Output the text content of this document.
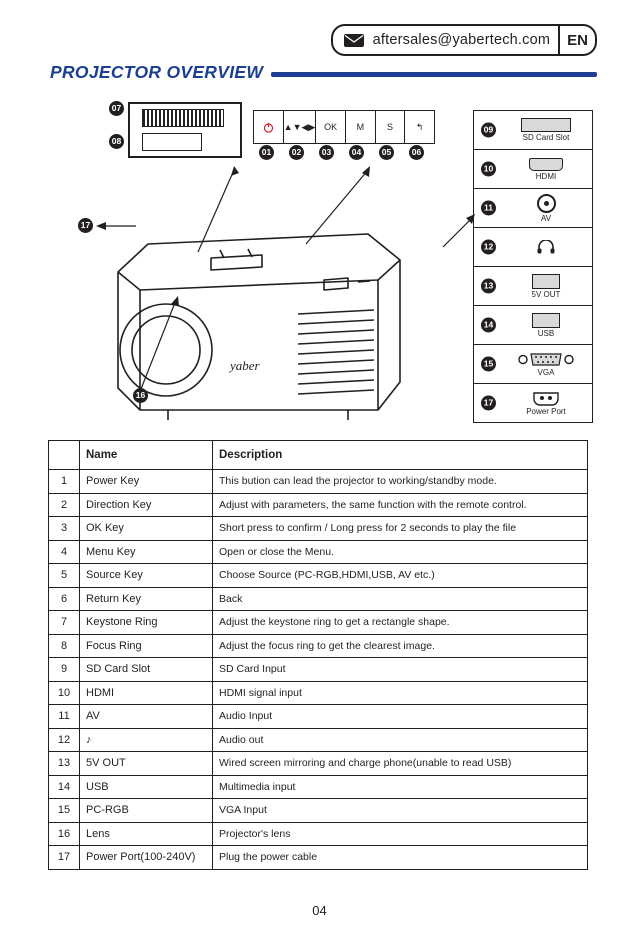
aftersales@yabertech.com	EN
PROJECTOR OVERVIEW
07
08
▲▼◀▶ OK	M	S	↰
01	02	03	04	05	06
yaber
17
16
09
SD Card Slot
10
HDMI
11
AV
12
13
5V OUT
14
USB
15
VGA
17
Power Port
	Name	Description
1	Power Key	This bution can lead the projector to working/standby mode.
2	Direction Key	Adjust with parameters, the same function with the remote control.
3	OK Key	Short press to confirm / Long press for 2 seconds to play the file
4	Menu Key	Open or close the Menu.
5	Source Key	Choose Source (PC-RGB,HDMI,USB, AV etc.)
6	Return Key	Back
7	Keystone Ring	Adjust the keystone ring to get a rectangle shape.
8	Focus Ring	Adjust the focus ring to get the clearest image.
9	SD Card Slot	SD Card Input
10	HDMI	HDMI signal input
11	AV	Audio Input
12	♪	Audio out
13	5V OUT	Wired screen mirroring and charge phone(unable to read USB)
14	USB	Multimedia input
15	PC-RGB	VGA Input
16	Lens	Projector's lens
17	Power Port(100-240V)	Plug the power cable
04
